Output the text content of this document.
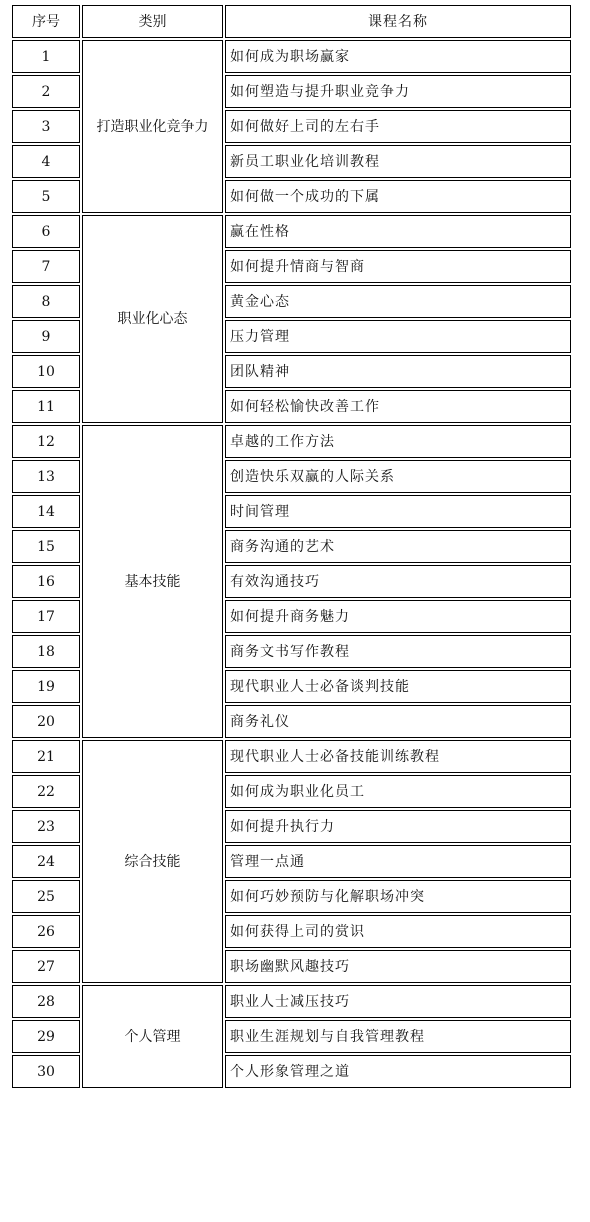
序号	类别	课程名称
1	打造职业化竞争力	如何成为职场赢家
2		如何塑造与提升职业竞争力
3		如何做好上司的左右手
4		新员工职业化培训教程
5		如何做一个成功的下属
6	职业化心态	赢在性格
7		如何提升情商与智商
8		黄金心态
9		压力管理
10		团队精神
11		如何轻松愉快改善工作
12	基本技能	卓越的工作方法
13		创造快乐双赢的人际关系
14		时间管理
15		商务沟通的艺术
16		有效沟通技巧
17		如何提升商务魅力
18		商务文书写作教程
19		现代职业人士必备谈判技能
20		商务礼仪
21	综合技能	现代职业人士必备技能训练教程
22		如何成为职业化员工
23		如何提升执行力
24		管理一点通
25		如何巧妙预防与化解职场冲突
26		如何获得上司的赏识
27		职场幽默风趣技巧
28	个人管理	职业人士减压技巧
29		职业生涯规划与自我管理教程
30		个人形象管理之道
